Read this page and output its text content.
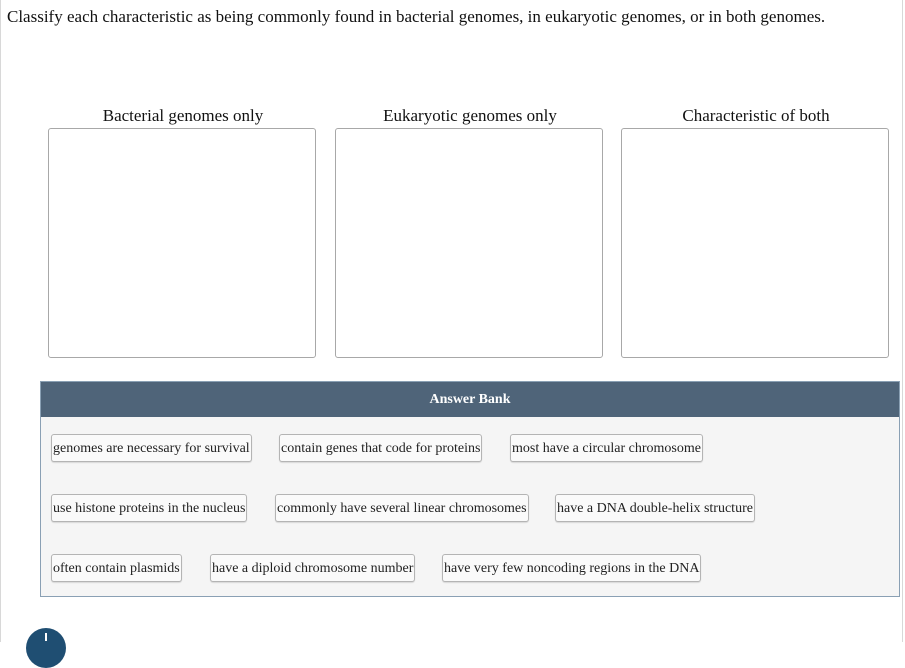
Classify each characteristic as being commonly found in bacterial genomes, in eukaryotic genomes, or in both genomes.
Bacterial genomes only	Eukaryotic genomes only	Characteristic of both
Answer Bank
genomes are necessary for survival contain genes that code for proteins most have a circular chromosome
use histone proteins in the nucleus commonly have several linear chromosomes have a DNA double-helix structure
often contain plasmids have a diploid chromosome number have very few noncoding regions in the DNA
